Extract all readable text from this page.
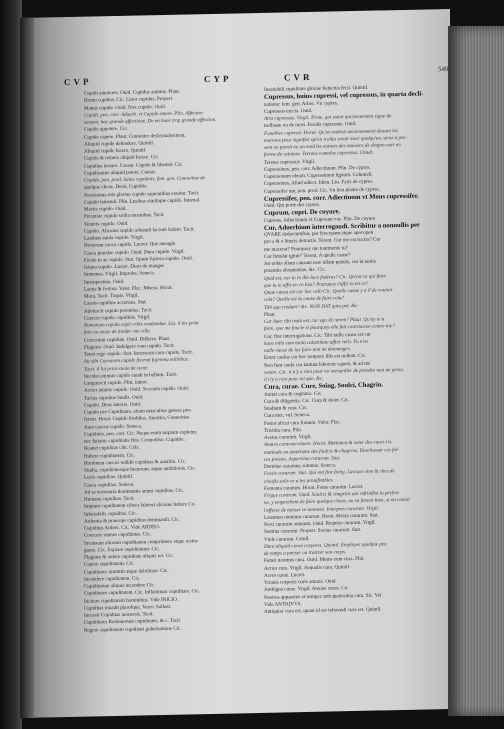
CVP	CYP	CVR
549
Cupidi amatores. Ouid. Cupidus animus. Plaut.
Homo cupidus. Cic. Liuor cupidus. Propert.
Manus cupide. Ouid. Nox cupido. Ouid.
Cupidi, pen. corr. Aduerb. vt Cupide emere. Plin. Affectuo-
sement, hac grande affectione, De ea hunc trop grande affection.
Cupide appetere. Cic.
Cupide capere. Plaut. Conuoiter desloyaulsement.
Aliquid cupide defendere. Quintil.
Aliquid cupide facere. Quintil.
Cupide & temere aliquid facere. Cic.
Cupidius instare. Caesar. Cupide & libenter. Cic.
Cupidissime aliquid petere. Caesar.
Cupido, pen. prod. huius cupidinis, fem. gen. Conuoitise de
quelque chose, Desir, Cupidite.
Nostissima mis gloriae cupido sapientibus exuitur. Tacit.
Cupido habendi. Plin. Lusibus similique cupido. Iuuenal.
Mortis cupido. Ouid.
Pecuniae cupido solita moenibus. Tacit.
Veneris cupido. Ouid.
Cupido. Alicuius cupido adeundi facrum fedem. Tacit.
Laudum auida cupido. Virgil.
Honorum caeca cupido. Lucret. Que aueugle.
Caeca praedae cupido. Ouid. Dura cupido. Virgil.
Foeda tu ae cupido. Stat. Opum furiosa cupido. Ouid.
Ieiuna cupido. Lucret. Desir de manger.
Immensa. Virgil. Improba. Seneca.
Intempestiua. Ouid.
Laetis & festiua. Valer. Flac. Misera. Horat.
Mora. Tacit. Turpis. Virgil.
Laesis cupidine accensus. Stat.
Adolescit cupido potentiae. Tacit.
Coercet cupido cupidinis. Virgil.
Romanum cupido cepit vrbis condendae. Liu. il les print
foin ou enuie de fonder vne ville.
Coercitum cupidine. Ouid. Differre. Plaut.
Flagrare. Ouid. Indulgere cum cupido. Tacit.
Tenet ergo cupido. Stat. Incesserat cum cupido. Tacit.
Ita sibi Caesarem cupido fecerat fuprema militibus.
Tacit. il lui print enuie de veoir.
Incedat animus cupido eundi in bellum. Tacit.
Languescit cupido. Plin. iunior.
Acrior animis cupido. Ouid. Seconda cupido. Ouid.
Tactus cupidine laudis. Ouid.
Cupido. Deus amoris. Ouid.
Cupido pro Cupidinare, etiam masculino genere pro-
ferent. Horat. Cupido fordidus. Auaritia, Conuoitise.
Auet caecus cupido. Seneca.
Cupidinis, pen. corr. Cic. Neque enim turpiam expletur,
nec fatiatur cupiditatis fitis. Conuoitise, Cupidite.
Reanet cupiditas cibi. Cels.
Habere cupiditatem. Cic.
Hominem caecos redidit cupiditas & auaritia. Cic.
Studia, cupiditatesque honorum, atque ambitionis. Cic.
Lucis cupiditas. Quintil.
Caeca cupiditas. Seneca.
Ad se terrenaria dominantis animi cupiditas. Cic.
Humana cupiditas. Tacit.
Impium cupiditatem cibera faluteri alicuius habere Ce-
Inferiabilis cupiditas. Cic.
Ardentia & praeceps cupiditas dominandi. Cic.
Cupiditas Ardere. Cic. Vide ARDEO.
Coercere omnes cupiditates. Cic.
Incensum aliorum cupiditatem comprimere atque restin-
guere. Cic. Expiare cupiditatum. Cic.
Flagrare & ardere cupiditate aliquis rei. Cic.
Capere cupiditatem. Cic.
Cupiditates immittit atque debilitare. Cic.
Incendere cupiditatem. Cic.
Cupiditatum aliquis incendere Cic.
Cupiditates cupiditatem. Cic. Inflammari cupiditate. Cic.
Incitare cupiditatem hominibus. Vide INICIO.
Cupiditas inuadit plerofque. Varro. Sallust.
Incessit Cupiditas ueruersis. Tacit.
Cupiditates Romanorum cupiditates, & c. Tacit.
Regere cupiditatem cupiditati gubernatione Cic.
Insatiabili cupiditate gloriae feductus fecit. Quintil.
Cupressus, huius cupressi, vel cupressus, in quarta decli-
natione: fem. gen. Arbor. Vn cypres.
Cupressus erecta. Ouid.
Atra cupressus. Virgil. Triste, qui estoit anciennement signe de
trefbaste ou de mort. Feralis cupressus. Ouid.
Funebres cupressi. Horat. Qu'on mettoit anciennement deuant les
maisons pour signifier qu'en icelles estoit mort quelqu'un, ainsi a pre-
sent on paroit ou on tend les entrees des maisons de drapes noir en
forme de ceinture. Tectura cumulus cupressus. Claud.
Teretes cupressus. Virgil.
Cupressinus, pen. corr. Adiectiuum. Plin. De cypres.
Cupressinum oleum. Cupressinum lignum. Columell.
Cupressinus, Aliud adiect. Idem. Liu. Faict de cypres.
Cupressifer um, pen. prod. Cic. Vn lieu plante de cypres.
Cupressifer, pen. corr. Adiectiuum vt Mons cupressifer.
Ouid. Qui porte des cypres.
Cuprum, cupri. De cuyure.
Cupreus, Adiectiuum vt Cupreum vas. Plin. De cuyure.
Cur, Aduerbium interrogandi. Scribitur a nonnullis per
QVARE deductumfuir, per fyncopam atque apocopen
pro a & e litteris detractis. Terent. Cur me excrucias? Cur
me macerat? Pourquoy me tourmente tu?
Cur fimulat igitur? Terent. A quelle cause?
An uobis aliam causam esse ullam putatis, cur in tantis
praemiis eloquentiae, &c. Cic.
Quid est, cur tu in illo loco federas? Cic. Qu'est ce qui faict
que tu te affis en ce lieu? Pourquoy t'affis tu en ce?
Quae causa est cur hoc velit Cic. Quelle cause y a il de vouloir
cela? Quelle est la cause de faire cela?
Tibi ego credam? &c. NON DAT quia pol. &c.
Plaut.
Cur haec tibi irata est, cur ego id curem? Plaut. Qu'ay ie a
faire, que me foucie si pourquoy elle fait courroucee contre toy?
Cur, fine interrogatione. Cic. Tibi nulla causa est cur
hunc mihi eum tanta calamitate affixi velis. Tu n'as
nulle cause de luy faire tant de dommages.
Erunt caufae cur hoc tempore illis est nollem. Cic.
Non funt caufa cur tantum laborem capere, & ad me
venire. Cic. il n'y a rien pour toi merueiller de prendre tant de peine,
il n'y a rien pour toi que, &c.
Cura, curae. Cure, Soing, Soulci, Chagrin.
Animi cura & cogitatio. Cic.
Cura & diligentia. Cic. Cura & dolor. Cic.
Studium & cura. Cic.
Cura met, vul. Seneca.
Potior alicui cura fronum. Valer. Flac.
Tristitia cura. Plin.
Aestus curarum. Virgil.
Amara curarum eluere. Horat. Mettoient & oster des cours l'a-
matitude ou amertume des foulcis & chagrins, Deschasser ces fol-
ces prestes. Aspertiina curarum. Stat.
Domitae curarum, somnus. Seneca.
Fessis curarum. Stat. Qui ont fine foing, Lascues sine & ches de
chosfis solis ce a les prouifitables.
Fomenta curarum. Horat. Fonts curarum. Lucret.
Frigus curarum. Ouid. Soulcis & chagrins qui refroidist la perfon-
ne, y empeschent de faire quelque chose, ou en fenont bien, si on conoit
l'effecte de laisser ce moment. Interpres curarum. Virgil.
Lenamen omnium curarum. Horat. Moles curarum. Stat.
Noxi curarum autumni. Ouid. Requies curarum. Virgil.
Semina curarum. Propert. Socius curarum. Stat.
Vnde curarum. Catull.
Dare aliquid curae corporis. Quintil. Employer quelque peu
de temps a panser ou traicter son corps.
Futuri nominis cura. Ouid. Minus eum cura. Plin.
Acrior cura. Virgil. Aequalis cura. Quintil.
Acres curae. Lucret.
Vrianis corporis curis amaris. Ouid.
Ambigua curae. Virgil. Anxiae curae. Cic.
Nostras apparatus et semper anticipatissima cura. Sic. Vel
Vide ANTIQVVS.
Antiquior cura est, quam id est inferendi cura est. Quintil.
